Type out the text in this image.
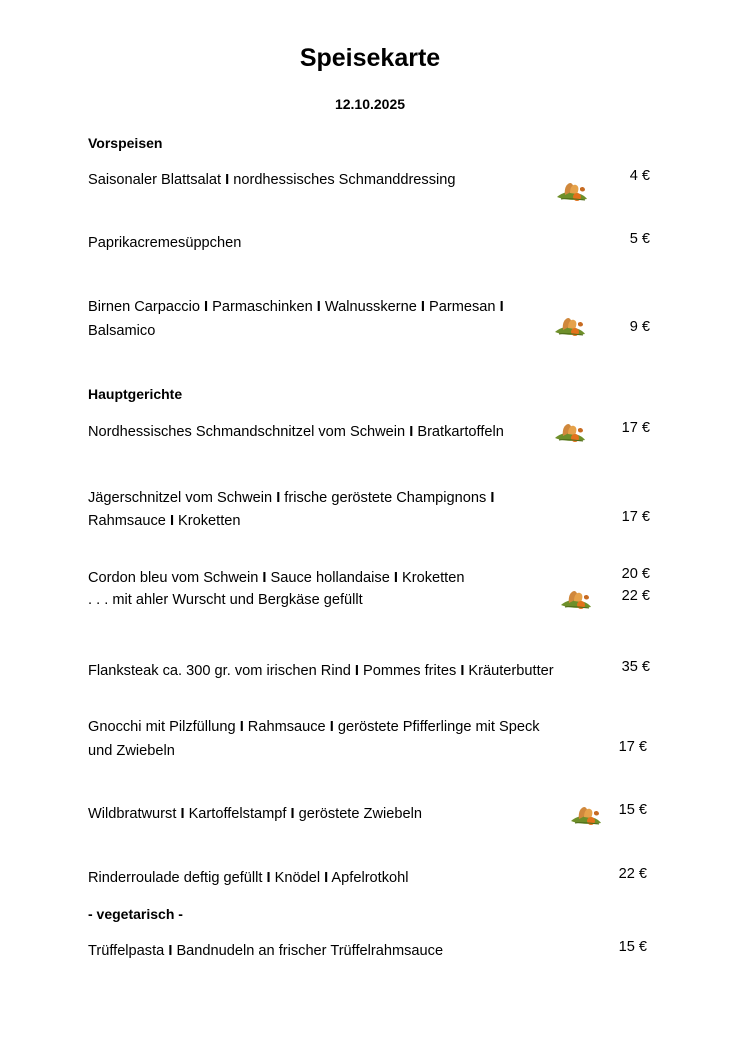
Speisekarte
12.10.2025
Vorspeisen
Saisonaler Blattsalat I nordhessisches Schmanddressing	4 €
Paprikacremesüppchen	5 €
Birnen Carpaccio I Parmaschinken I Walnusskerne I Parmesan I
Balsamico	9 €
Hauptgerichte
Nordhessisches Schmandschnitzel vom Schwein I Bratkartoffeln	17 €
Jägerschnitzel vom Schwein I frische geröstete Champignons I
Rahmsauce I Kroketten	17 €
Cordon bleu vom Schwein I Sauce hollandaise I Kroketten	20 €
. . . mit ahler Wurscht und Bergkäse gefüllt	22 €
Flanksteak ca. 300 gr. vom irischen Rind I Pommes frites I Kräuterbutter	35 €
Gnocchi mit Pilzfüllung I Rahmsauce I geröstete Pfifferlinge mit Speck
und Zwiebeln	17 €
Wildbratwurst I Kartoffelstampf I geröstete Zwiebeln	15 €
Rinderroulade deftig gefüllt I Knödel I Apfelrotkohl	22 €
- vegetarisch -
Trüffelpasta I Bandnudeln an frischer Trüffelrahmsauce	15 €
